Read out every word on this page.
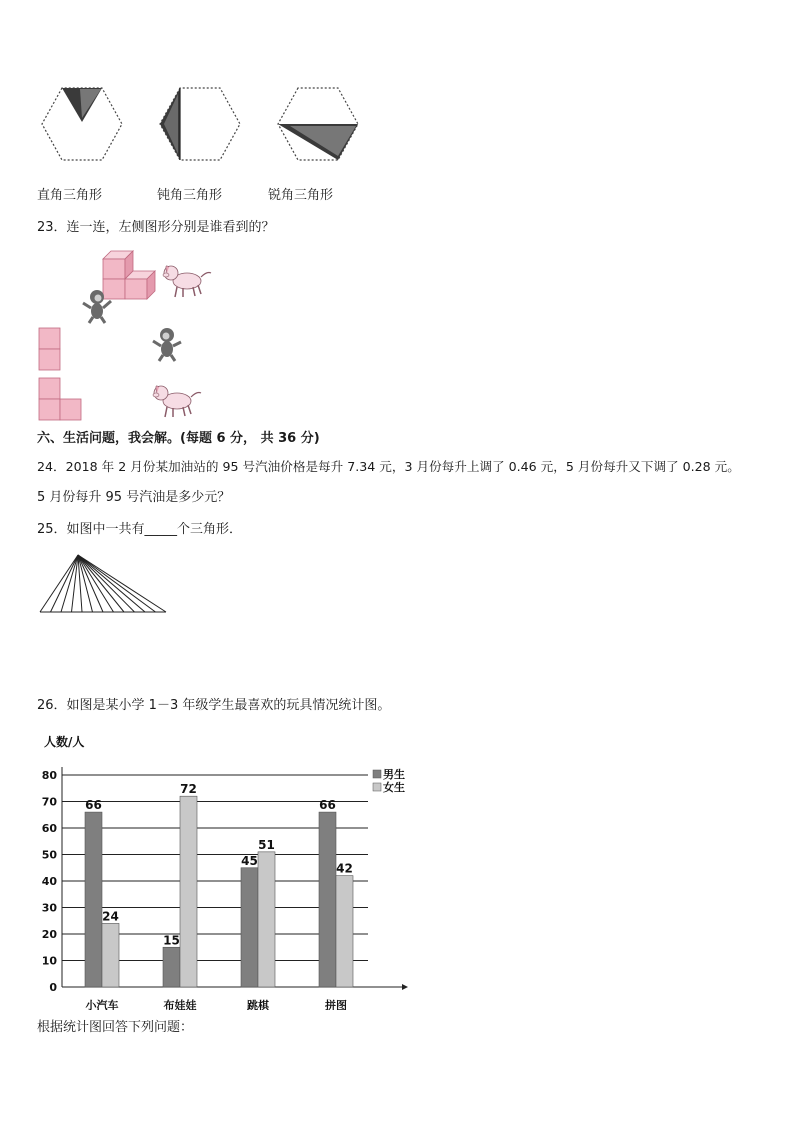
直角三角形	钝角三角形	锐角三角形
23．连一连，左侧图形分别是谁看到的？
六、生活问题，我会解。(每题 6 分， 共 36 分)
24．2018 年 2 月份某加油站的 95 号汽油价格是每升 7.34 元，3 月份每升上调了 0.46 元，5 月份每升又下调了 0.28 元。
5 月份每升 95 号汽油是多少元？
25．如图中一共有_____个三角形．
26．如图是某小学 1－3 年级学生最喜欢的玩具情况统计图。
人数/人
0
10
20
30
40
50
60
70
80
66
24
小汽车
15
72
布娃娃
45
51
跳棋
66
42
拼图
男生
女生
根据统计图回答下列问题：
